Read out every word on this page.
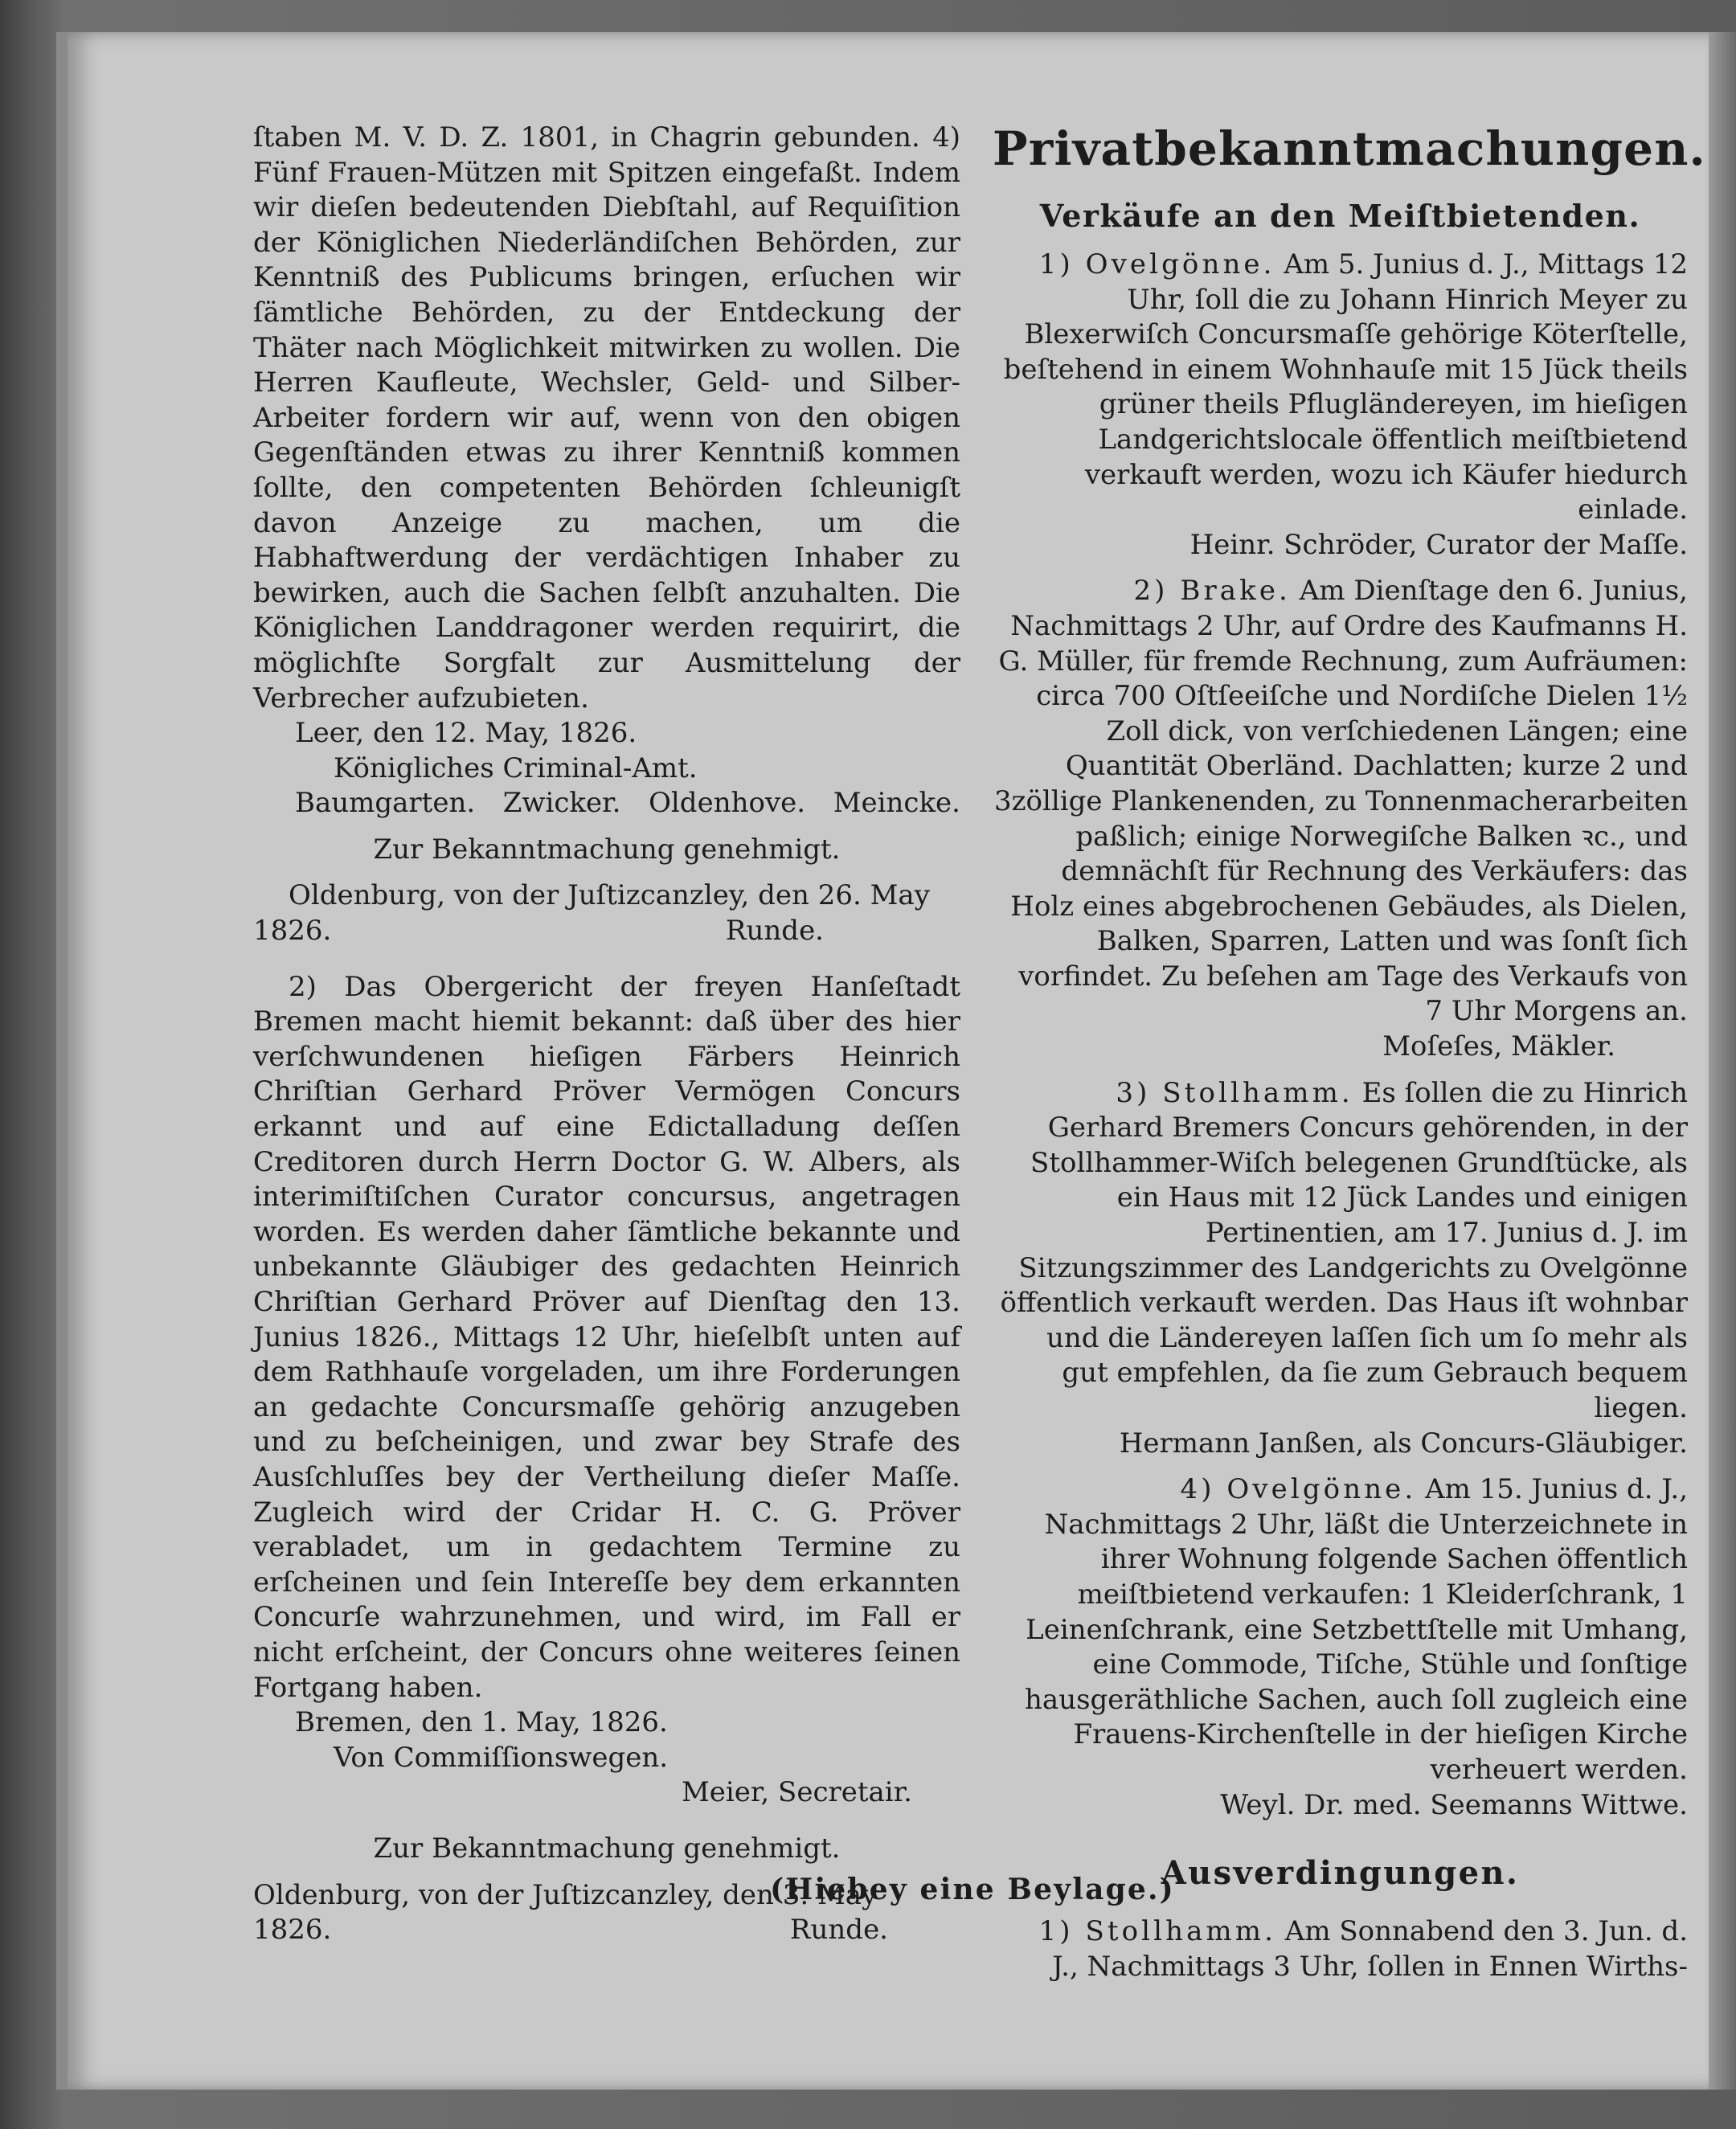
ſtaben M. V. D. Z. 1801, in Chagrin gebunden. 4) Fünf Frauen-Mützen mit Spitzen eingefaßt. Indem wir dieſen bedeutenden Diebſtahl, auf Requiſition der Königlichen Niederländiſchen Behörden, zur Kenntniß des Publicums bringen, erſuchen wir ſämtliche Behörden, zu der Entdeckung der Thäter nach Möglichkeit mitwirken zu wollen. Die Herren Kaufleute, Wechsler, Geld- und Silber-Arbeiter fordern wir auf, wenn von den obigen Gegenſtänden etwas zu ihrer Kenntniß kommen ſollte, den competenten Behörden ſchleunigſt davon Anzeige zu machen, um die Habhaftwerdung der verdächtigen Inhaber zu bewirken, auch die Sachen ſelbſt anzuhalten. Die Königlichen Landdragoner werden requirirt, die möglichſte Sorgfalt zur Ausmittelung der Verbrecher aufzubieten.

Leer, den 12. May, 1826.

Königliches Criminal-Amt.

Baumgarten. Zwicker. Oldenhove. Meincke.

Zur Bekanntmachung genehmigt.

Oldenburg, von der Juſtizcanzley, den 26. May

1826.	Runde.

2) Das Obergericht der freyen Hanſeſtadt Bremen macht hiemit bekannt: daß über des hier verſchwundenen hieſigen Färbers Heinrich Chriſtian Gerhard Pröver Vermögen Concurs erkannt und auf eine Edictalladung deſſen Creditoren durch Herrn Doctor G. W. Albers, als interimiſtiſchen Curator concursus, angetragen worden. Es werden daher ſämtliche bekannte und unbekannte Gläubiger des gedachten Heinrich Chriſtian Gerhard Pröver auf Dienſtag den 13. Junius 1826., Mittags 12 Uhr, hieſelbſt unten auf dem Rathhauſe vorgeladen, um ihre Forderungen an gedachte Concursmaſſe gehörig anzugeben und zu beſcheinigen, und zwar bey Strafe des Ausſchluſſes bey der Vertheilung dieſer Maſſe. Zugleich wird der Cridar H. C. G. Pröver verabladet, um in gedachtem Termine zu erſcheinen und ſein Intereſſe bey dem erkannten Concurſe wahrzunehmen, und wird, im Fall er nicht erſcheint, der Concurs ohne weiteres ſeinen Fortgang haben.

Bremen, den 1. May, 1826.

Von Commiſſionswegen.

Meier, Secretair.

Zur Bekanntmachung genehmigt.

Oldenburg, von der Juſtizcanzley, den 3. May

1826.	Runde.
Privatbekanntmachungen.
Verkäufe an den Meiſtbietenden.

1) Ovelgönne. Am 5. Junius d. J., Mittags 12 Uhr, ſoll die zu Johann Hinrich Meyer zu Blexerwiſch Concursmaſſe gehörige Köterſtelle, beſtehend in einem Wohnhauſe mit 15 Jück theils grüner theils Pflugländereyen, im hieſigen Landgerichtslocale öffentlich meiſtbietend verkauft werden, wozu ich Käufer hiedurch einlade.

Heinr. Schröder, Curator der Maſſe.

2) Brake. Am Dienſtage den 6. Junius, Nachmittags 2 Uhr, auf Ordre des Kaufmanns H. G. Müller, für fremde Rechnung, zum Aufräumen: circa 700 Oſtſeeiſche und Nordiſche Dielen 1½ Zoll dick, von verſchiedenen Längen; eine Quantität Oberländ. Dachlatten; kurze 2 und 3zöllige Plankenenden, zu Tonnenmacherarbeiten paßlich; einige Norwegiſche Balken ꝛc., und demnächſt für Rechnung des Verkäufers: das Holz eines abgebrochenen Gebäudes, als Dielen, Balken, Sparren, Latten und was ſonſt ſich vorfindet. Zu beſehen am Tage des Verkaufs von 7 Uhr Morgens an.

Moſeſes, Mäkler.

3) Stollhamm. Es ſollen die zu Hinrich Gerhard Bremers Concurs gehörenden, in der Stollhammer-Wiſch belegenen Grundſtücke, als ein Haus mit 12 Jück Landes und einigen Pertinentien, am 17. Junius d. J. im Sitzungszimmer des Landgerichts zu Ovelgönne öffentlich verkauft werden. Das Haus iſt wohnbar und die Ländereyen laſſen ſich um ſo mehr als gut empfehlen, da ſie zum Gebrauch bequem liegen.

Hermann Janßen, als Concurs-Gläubiger.

4) Ovelgönne. Am 15. Junius d. J., Nachmittags 2 Uhr, läßt die Unterzeichnete in ihrer Wohnung folgende Sachen öffentlich meiſtbietend verkaufen: 1 Kleiderſchrank, 1 Leinenſchrank, eine Setzbettſtelle mit Umhang, eine Commode, Tiſche, Stühle und ſonſtige hausgeräthliche Sachen, auch ſoll zugleich eine Frauens-Kirchenſtelle in der hieſigen Kirche verheuert werden.

Weyl. Dr. med. Seemanns Wittwe.

Ausverdingungen.

1) Stollhamm. Am Sonnabend den 3. Jun. d. J., Nachmittags 3 Uhr, ſollen in Ennen Wirths-

(Hiebey eine Beylage.)
